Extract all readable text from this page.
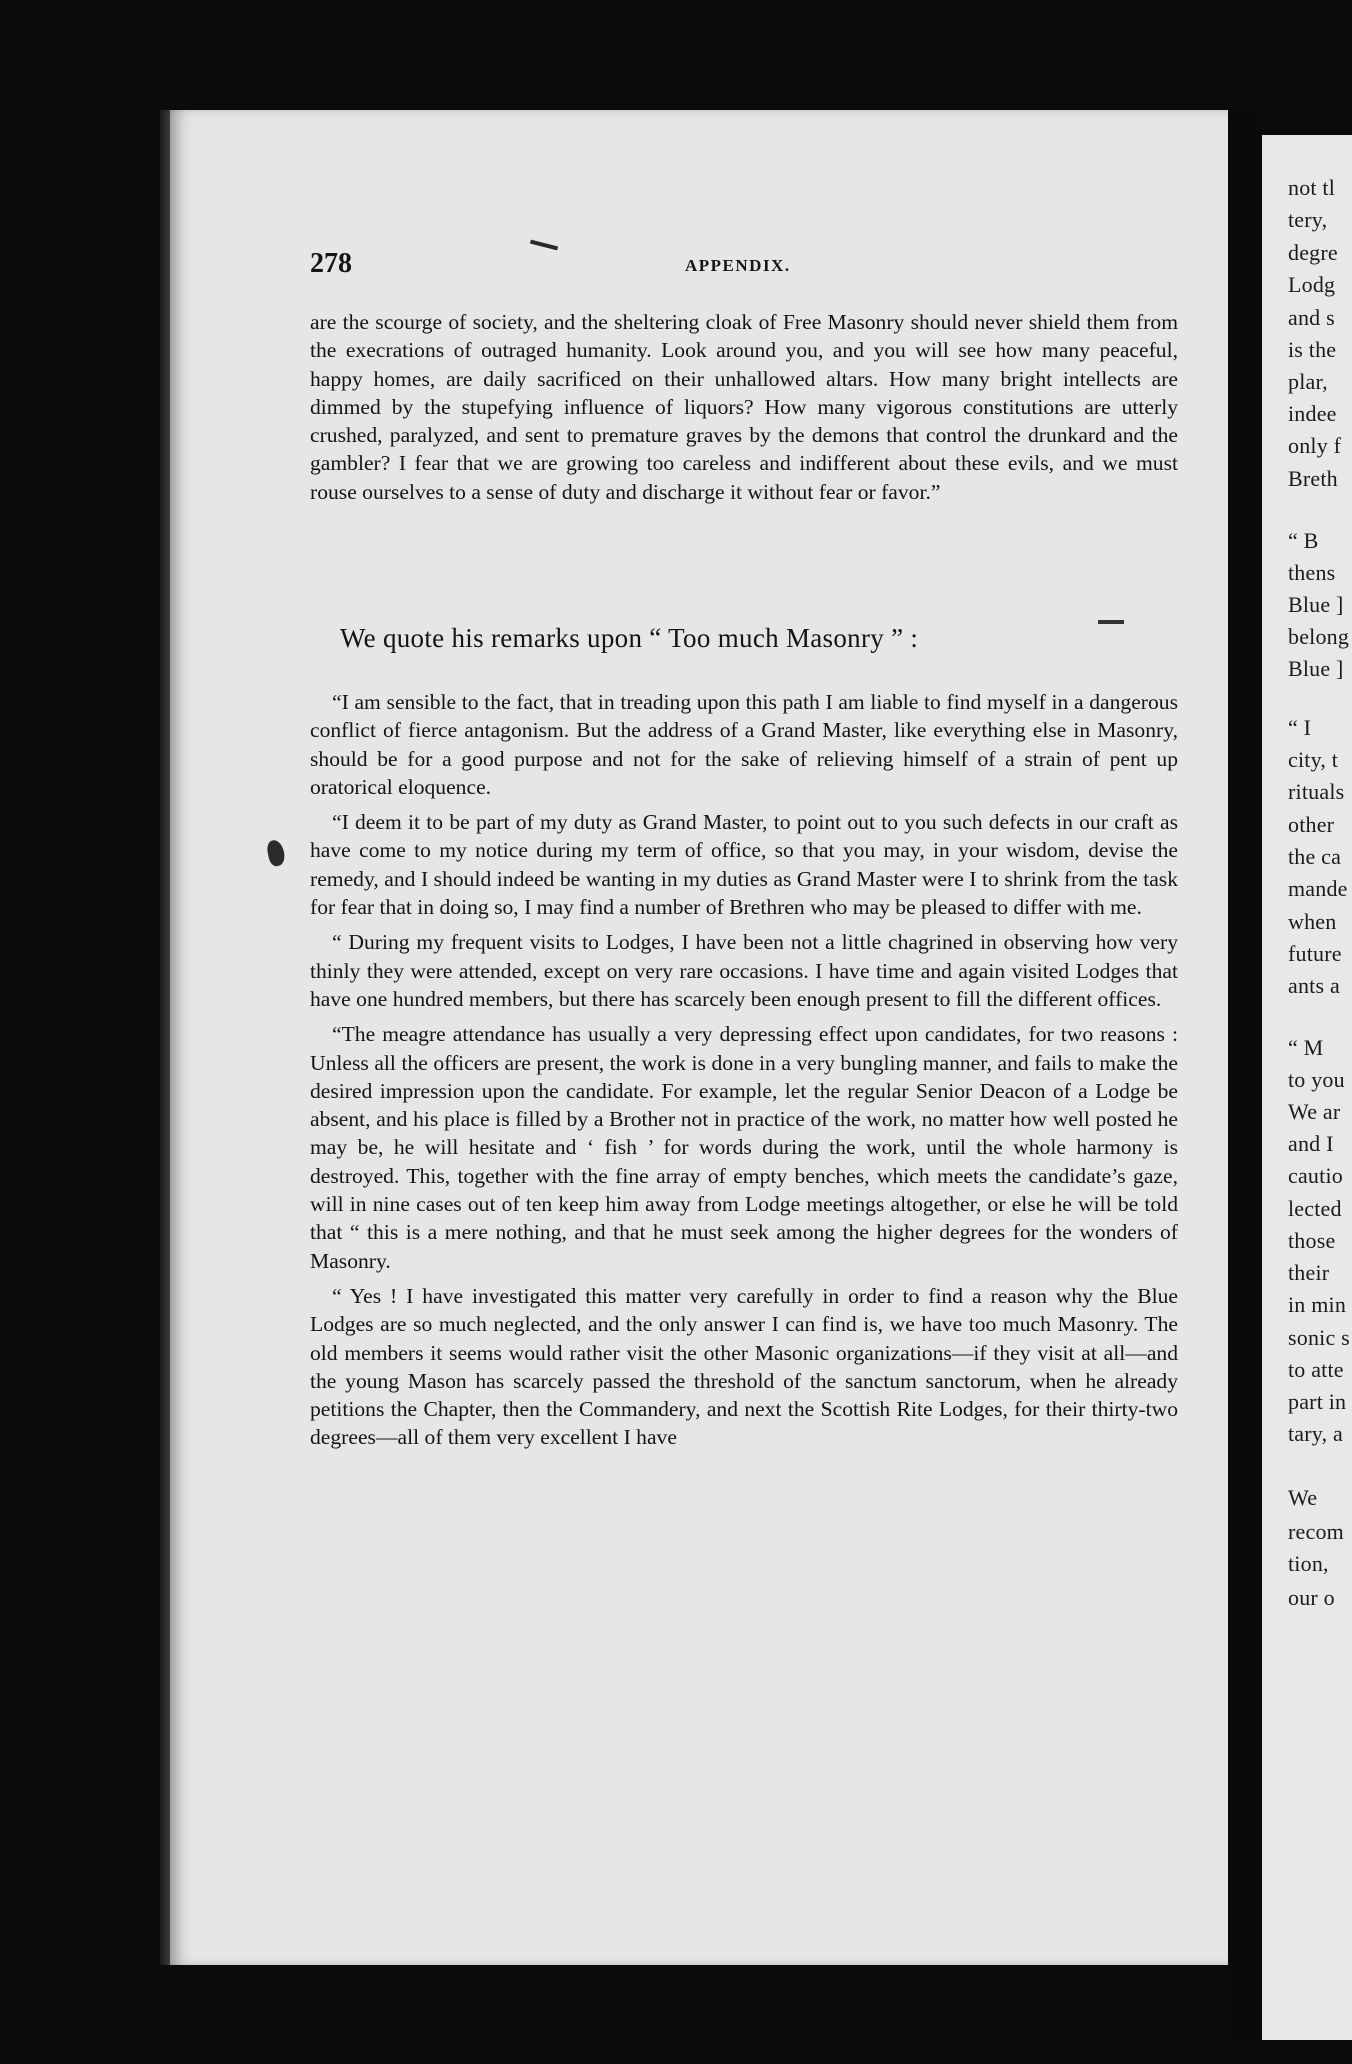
not tl
tery,
degre
Lodg
and s
is the
plar,
indee
only f
Breth
“ B
thens
Blue ]
belong
Blue ]
“ I
city, t
rituals
other
the ca
mande
when
future
ants a
“ M
to you
We ar
and I
cautio
lected
those
their
in min
sonic s
to atte
part in
tary, a
We
recom
tion,
our o
278	APPENDIX.

are the scourge of society, and the sheltering cloak of Free Masonry should never shield them from the execrations of outraged humanity. Look around you, and you will see how many peaceful, happy homes, are daily sacrificed on their unhallowed altars. How many bright intellects are dimmed by the stupefying influence of liquors? How many vigorous constitutions are utterly crushed, paralyzed, and sent to premature graves by the demons that control the drunkard and the gambler? I fear that we are growing too careless and indifferent about these evils, and we must rouse ourselves to a sense of duty and discharge it without fear or favor.”

We quote his remarks upon “ Too much Masonry ” :

“I am sensible to the fact, that in treading upon this path I am liable to find myself in a dangerous conflict of fierce antagonism. But the address of a Grand Master, like everything else in Masonry, should be for a good purpose and not for the sake of relieving himself of a strain of pent up oratorical eloquence.

“I deem it to be part of my duty as Grand Master, to point out to you such defects in our craft as have come to my notice during my term of office, so that you may, in your wisdom, devise the remedy, and I should indeed be wanting in my duties as Grand Master were I to shrink from the task for fear that in doing so, I may find a number of Brethren who may be pleased to differ with me.

“ During my frequent visits to Lodges, I have been not a little chagrined in observing how very thinly they were attended, except on very rare occasions. I have time and again visited Lodges that have one hundred members, but there has scarcely been enough present to fill the different offices.

“The meagre attendance has usually a very depressing effect upon candidates, for two reasons : Unless all the officers are present, the work is done in a very bungling manner, and fails to make the desired impression upon the candidate. For example, let the regular Senior Deacon of a Lodge be absent, and his place is filled by a Brother not in practice of the work, no matter how well posted he may be, he will hesitate and ‘ fish ’ for words during the work, until the whole harmony is destroyed. This, together with the fine array of empty benches, which meets the candidate’s gaze, will in nine cases out of ten keep him away from Lodge meetings altogether, or else he will be told that “ this is a mere nothing, and that he must seek among the higher degrees for the wonders of Masonry.

“ Yes ! I have investigated this matter very carefully in order to find a reason why the Blue Lodges are so much neglected, and the only answer I can find is, we have too much Masonry. The old members it seems would rather visit the other Masonic organizations—if they visit at all—and the young Mason has scarcely passed the threshold of the sanctum sanctorum, when he already petitions the Chapter, then the Commandery, and next the Scottish Rite Lodges, for their thirty-two degrees—all of them very excellent I have
